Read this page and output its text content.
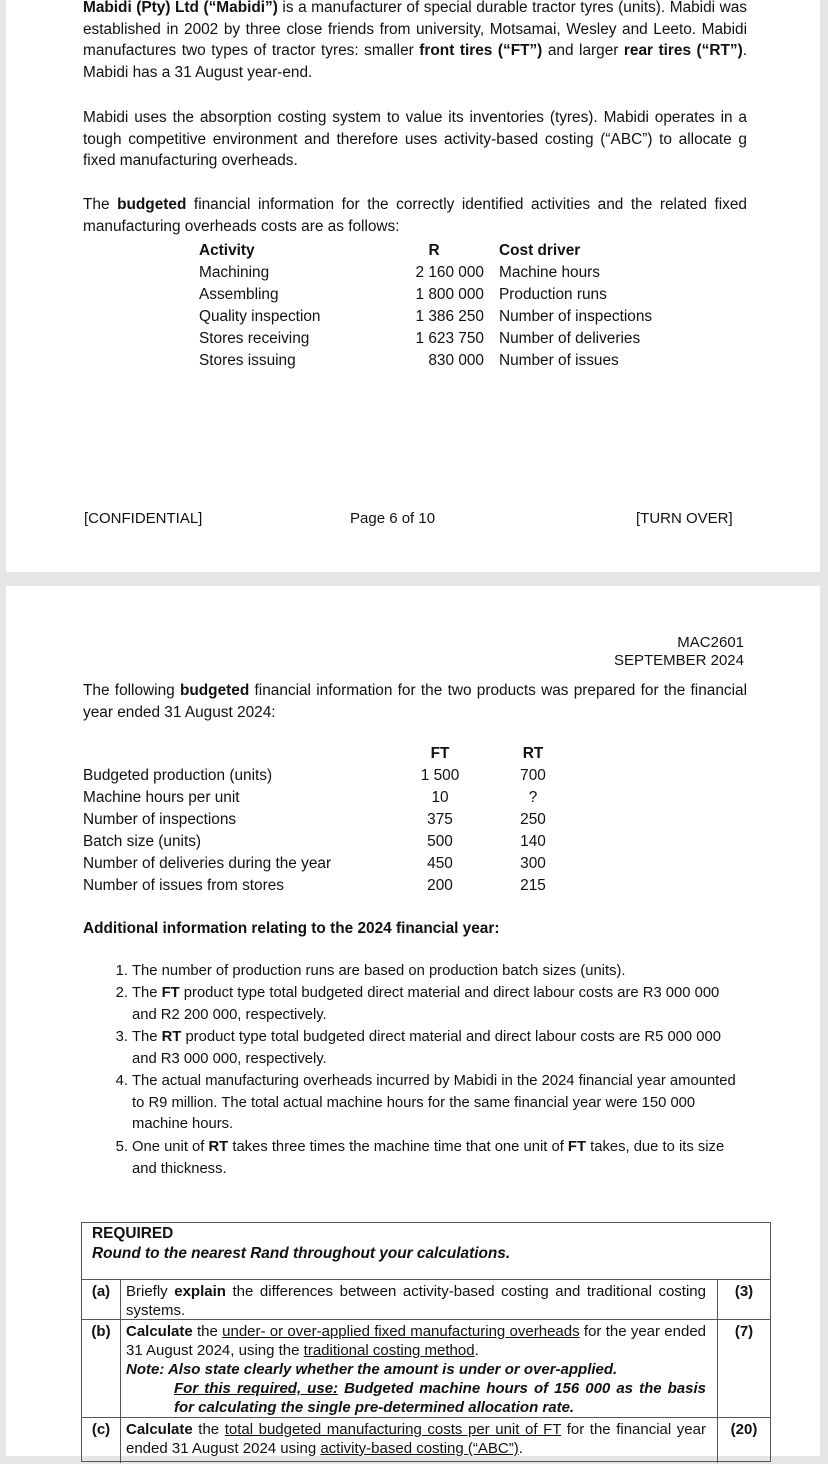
Mabidi (Pty) Ltd (“Mabidi”) is a manufacturer of special durable tractor tyres (units). Mabidi was established in 2002 by three close friends from university, Motsamai, Wesley and Leeto. Mabidi manufactures two types of tractor tyres: smaller front tires (“FT”) and larger rear tires (“RT”). Mabidi has a 31 August year-end.

Mabidi uses the absorption costing system to value its inventories (tyres). Mabidi operates in a tough competitive environment and therefore uses activity-based costing (“ABC”) to allocate g fixed manufacturing overheads.

The budgeted financial information for the correctly identified activities and the related fixed manufacturing overheads costs are as follows:

Activity	R	Cost driver
Machining	2 160 000 Machine hours
Assembling	1 800 000 Production runs
Quality inspection	1 386 250 Number of inspections
Stores receiving	1 623 750 Number of deliveries
Stores issuing	830 000 Number of issues
[CONFIDENTIAL]	Page 6 of 10	[TURN OVER]
MAC2601
SEPTEMBER 2024

The following budgeted financial information for the two products was prepared for the financial year ended 31 August 2024:

FT	RT
Budgeted production (units)	1 500	700
Machine hours per unit	10	?
Number of inspections	375	250
Batch size (units)	500	140
Number of deliveries during the year	450	300
Number of issues from stores	200	215
Additional information relating to the 2024 financial year:
1. The number of production runs are based on production batch sizes (units).
2. The FT product type total budgeted direct material and direct labour costs are R3 000 000 and R2 200 000, respectively.
3. The RT product type total budgeted direct material and direct labour costs are R5 000 000 and R3 000 000, respectively.
4. The actual manufacturing overheads incurred by Mabidi in the 2024 financial year amounted to R9 million. The total actual machine hours for the same financial year were 150 000 machine hours.
5. One unit of RT takes three times the machine time that one unit of FT takes, due to its size and thickness.
REQUIRED
Round to the nearest Rand throughout your calculations.
(a)	Briefly explain the differences between activity-based costing and traditional costing systems.
(3)
(b)	Calculate the under- or over-applied fixed manufacturing overheads for the year ended 31 August 2024, using the traditional costing method.
Note: Also state clearly whether the amount is under or over-applied.
For this required, use: Budgeted machine hours of 156 000 as the basis for calculating the single pre-determined allocation rate.
(7)
(c)	Calculate the total budgeted manufacturing costs per unit of FT for the financial year ended 31 August 2024 using activity-based costing (“ABC”).
(20)
